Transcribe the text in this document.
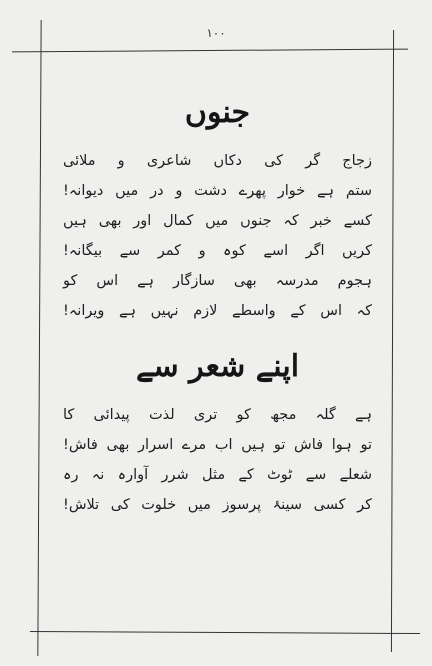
۱۰۰
جنوں
زجاج گر کی دکاں شاعری و ملائی
ستم ہے خوار پھرے دشت و در میں دیوانہ!
کسے خبر کہ جنوں میں کمال اور بھی ہیں
کریں اگر اسے کوہ و کمر سے بیگانہ!
ہجوم مدرسہ بھی سازگار ہے اس کو
کہ اس کے واسطے لازم نہیں ہے ویرانہ!
اپنے شعر سے
ہے گلہ مجھ کو تری لذت پیدائی کا
تو ہوا فاش تو ہیں اب مرے اسرار بھی فاش!
شعلے سے ٹوٹ کے مثل شرر آوارہ نہ رہ
کر کسی سینۂ پرسوز میں خلوت کی تلاش!
